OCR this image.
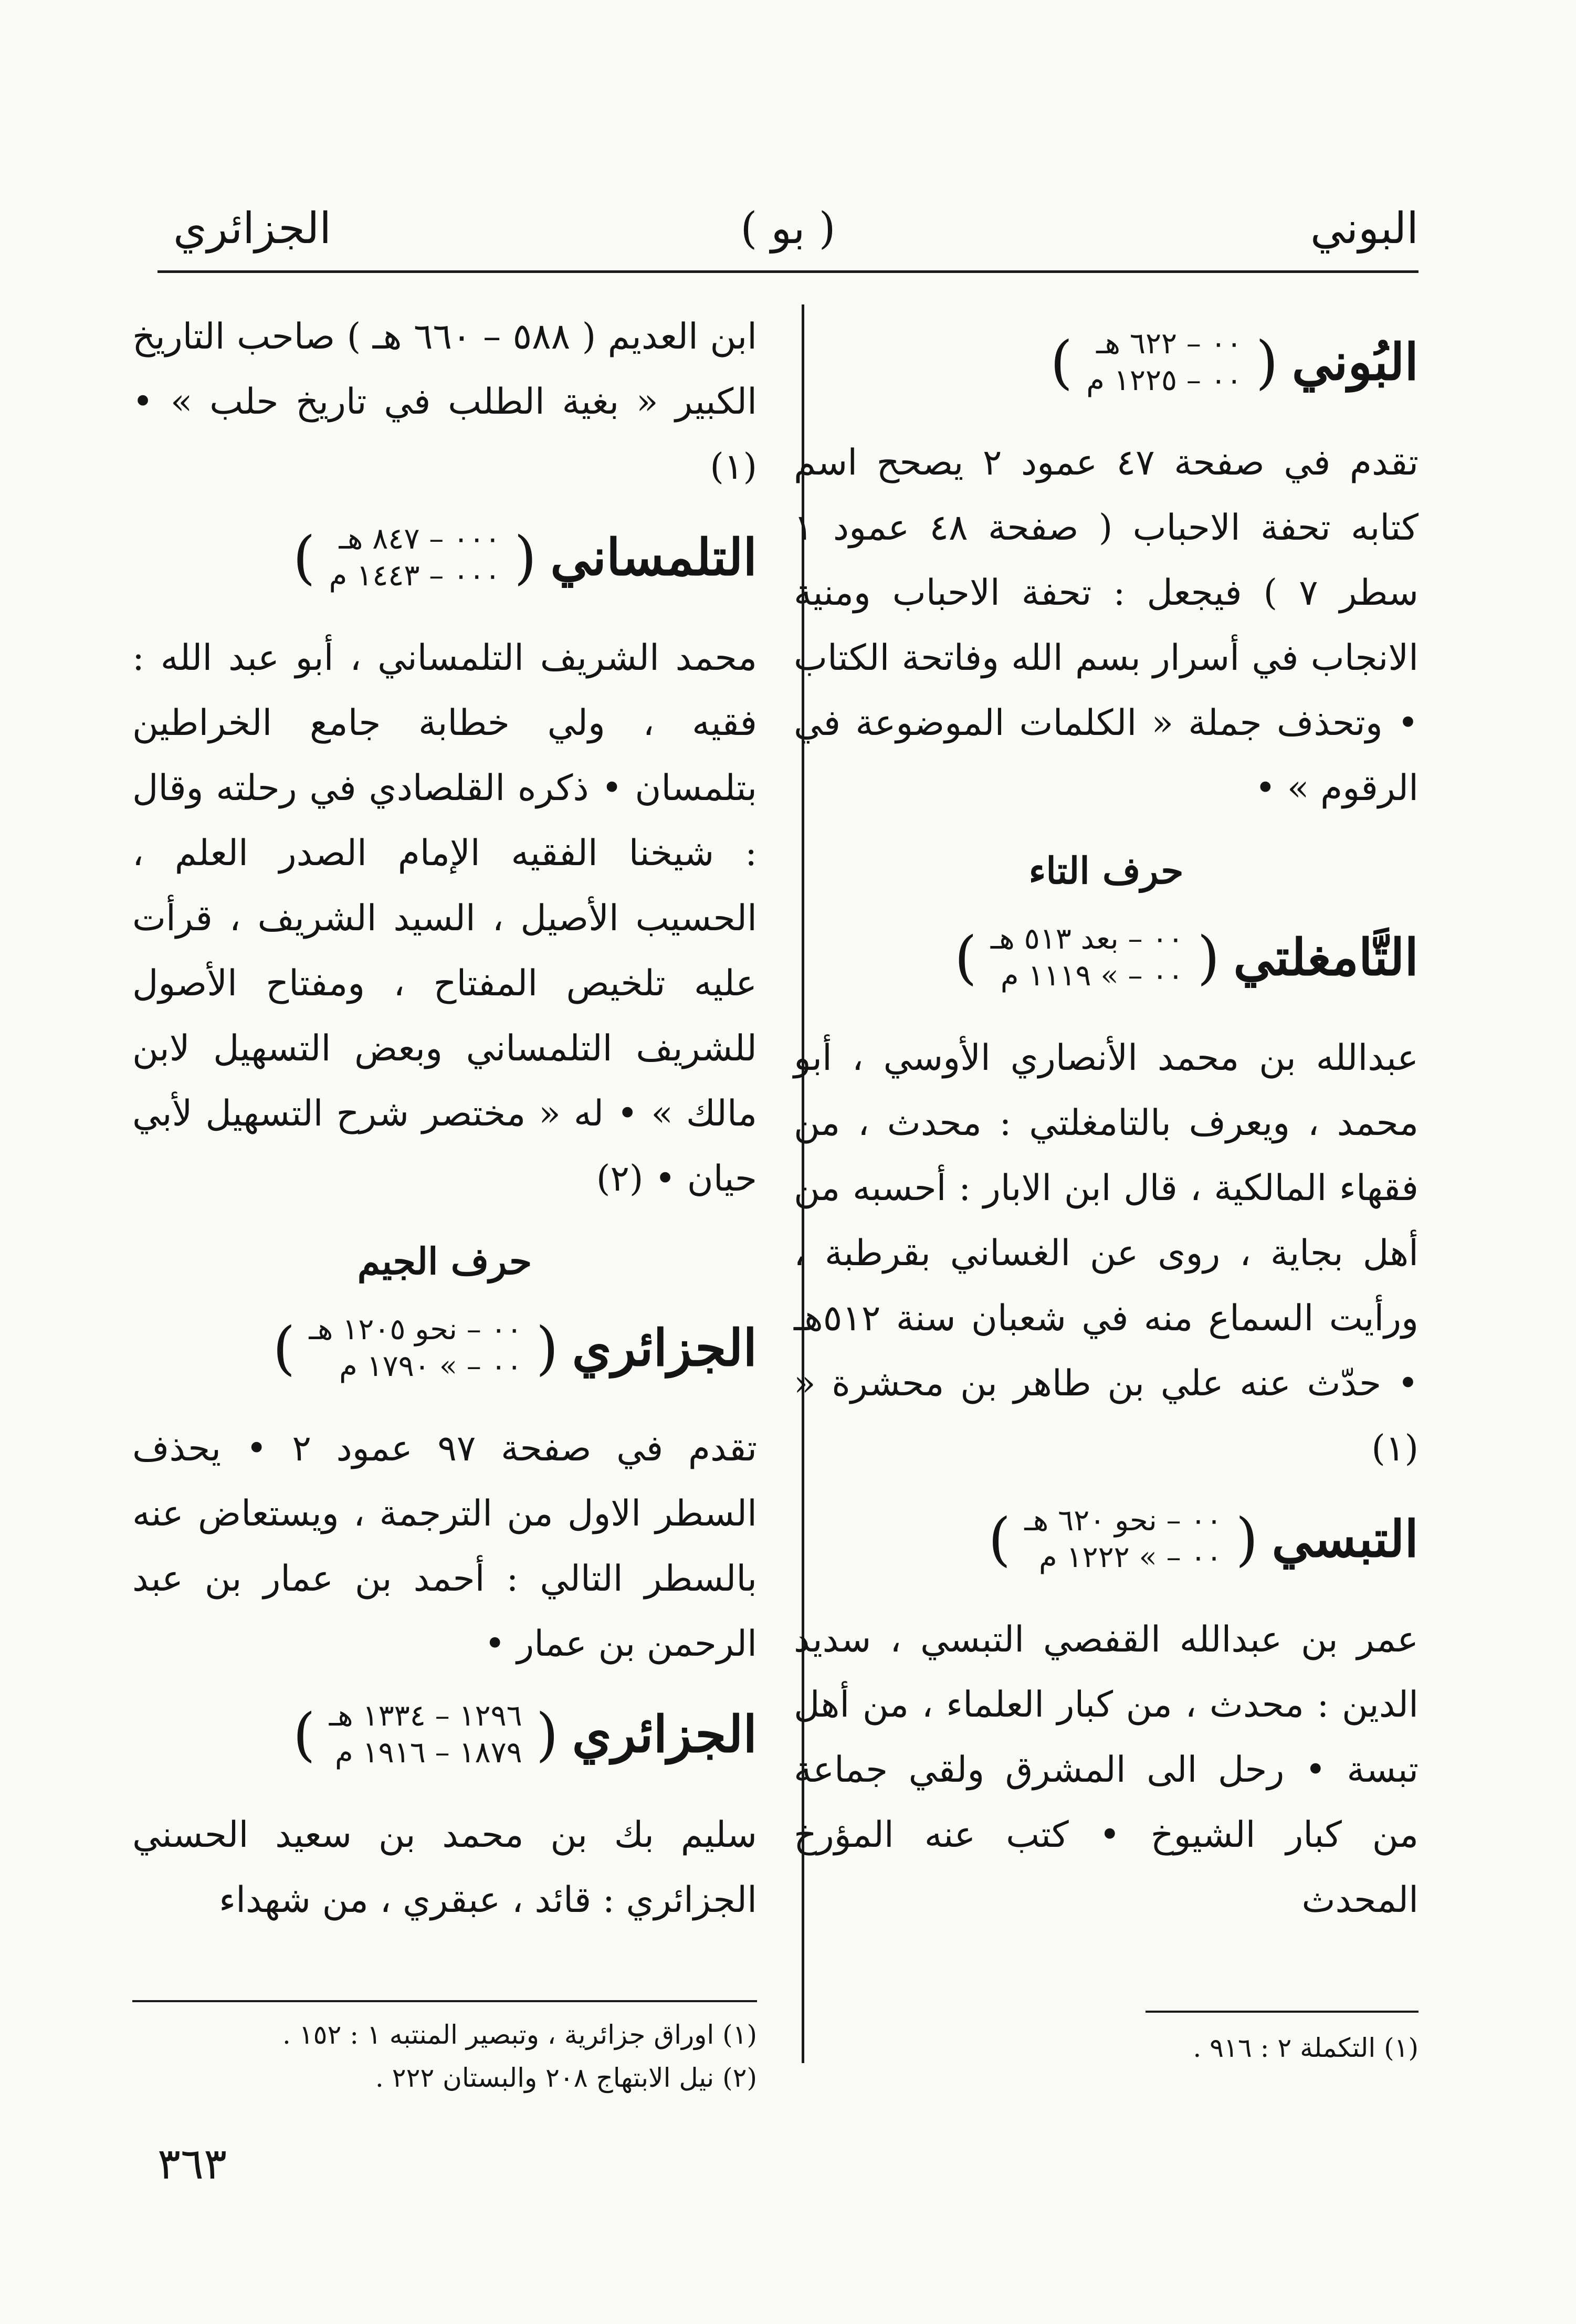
البوني
( بو )
الجزائري
البُوني
(
٠٠ – ٦٢٢ هـ
٠٠ – ١٢٢٥ م
)

تقدم في صفحة ٤٧ عمود ٢ يصحح اسم كتابه تحفة الاحباب ( صفحة ٤٨ عمود ١ سطر ٧ ) فيجعل : تحفة الاحباب ومنية الانجاب في أسرار بسم الله وفاتحة الكتاب • وتحذف جملة « الكلمات الموضوعة في الرقوم » •

حرف التاء
التَّامغلتي
(
٠٠ – بعد ٥١٣ هـ
٠٠ – » ١١١٩ م
)

عبدالله بن محمد الأنصاري الأوسي ، أبو محمد ، ويعرف بالتامغلتي : محدث ، من فقهاء المالكية ، قال ابن الابار : أحسبه من أهل بجاية ، روى عن الغساني بقرطبة ، ورأيت السماع منه في شعبان سنة ٥١٢هـ • حدّث عنه علي بن طاهر بن محشرة « (١)

التبسي
(
٠٠ – نحو ٦٢٠ هـ
٠٠ – » ١٢٢٢ م
)

عمر بن عبدالله القفصي التبسي ، سديد الدين : محدث ، من كبار العلماء ، من أهل تبسة • رحل الى المشرق ولقي جماعة من كبار الشيوخ • كتب عنه المؤرخ المحدث

ابن العديم ( ٥٨٨ – ٦٦٠ هـ ) صاحب التاريخ الكبير « بغية الطلب في تاريخ حلب » • (١)

التلمساني
(
٠٠٠ – ٨٤٧ هـ
٠٠٠ – ١٤٤٣ م
)

محمد الشريف التلمساني ، أبو عبد الله : فقيه ، ولي خطابة جامع الخراطين بتلمسان • ذكره القلصادي في رحلته وقال : شيخنا الفقيه الإمام الصدر العلم ، الحسيب الأصيل ، السيد الشريف ، قرأت عليه تلخيص المفتاح ، ومفتاح الأصول للشريف التلمساني وبعض التسهيل لابن مالك » • له « مختصر شرح التسهيل لأبي حيان • (٢)

حرف الجيم
الجزائري
(
٠٠ – نحو ١٢٠٥ هـ
٠٠ – » ١٧٩٠ م
)

تقدم في صفحة ٩٧ عمود ٢ • يحذف السطر الاول من الترجمة ، ويستعاض عنه بالسطر التالي : أحمد بن عمار بن عبد الرحمن بن عمار •

الجزائري
(
١٢٩٦ – ١٣٣٤ هـ
١٨٧٩ – ١٩١٦ م
)

سليم بك بن محمد بن سعيد الحسني الجزائري : قائد ، عبقري ، من شهداء

(١) التكملة ٢ : ٩١٦ .
(١) اوراق جزائرية ، وتبصير المنتبه ١ : ١٥٢ .
(٢) نيل الابتهاج ٢٠٨ والبستان ٢٢٢ .
٣٦٣
